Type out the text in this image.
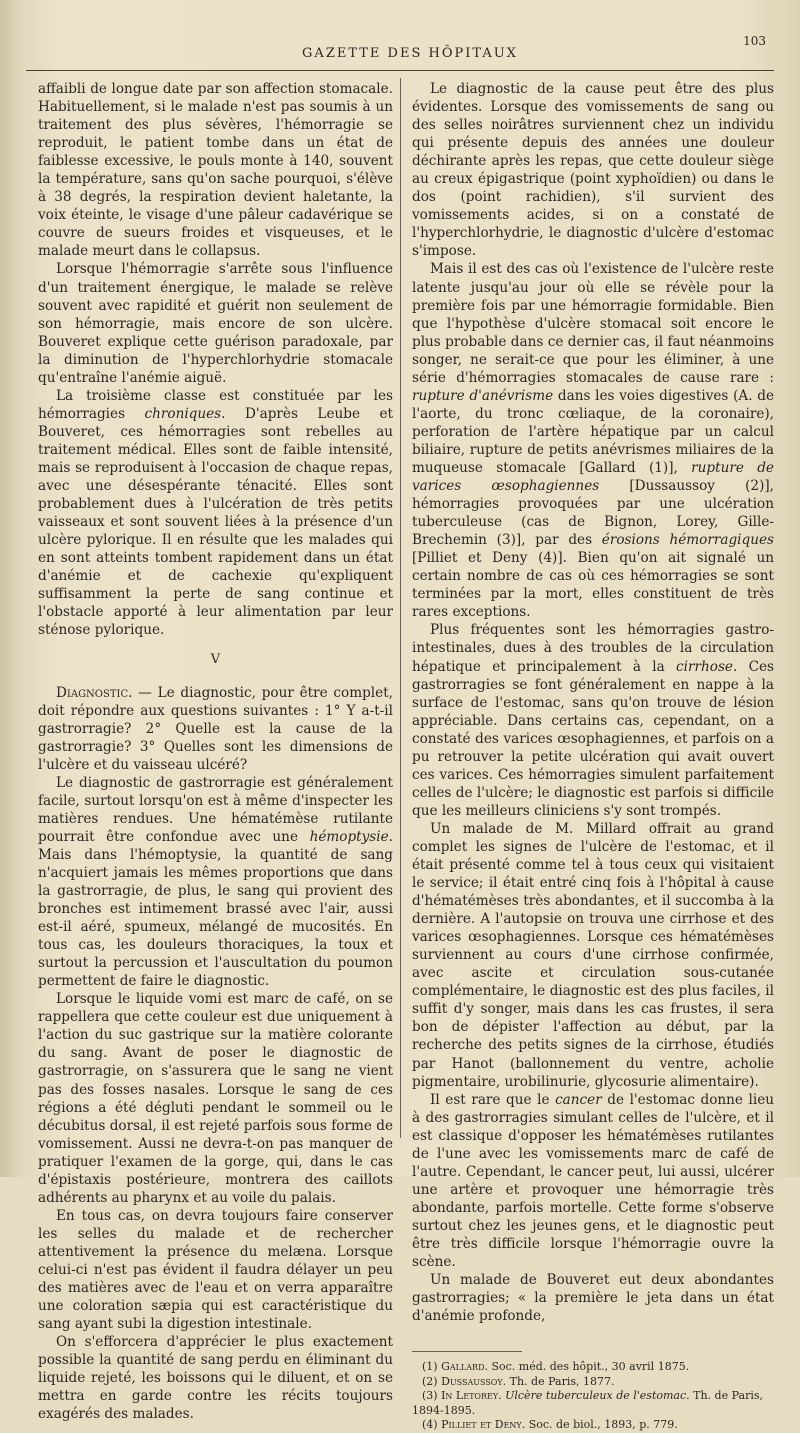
GAZETTE DES HÔPITAUX
103

affaibli de longue date par son affection stomacale. Habituellement, si le malade n'est pas soumis à un traitement des plus sévères, l'hémorragie se reproduit, le patient tombe dans un état de faiblesse excessive, le pouls monte à 140, souvent la température, sans qu'on sache pourquoi, s'élève à 38 degrés, la respiration devient haletante, la voix éteinte, le visage d'une pâleur cadavérique se couvre de sueurs froides et visqueuses, et le malade meurt dans le collapsus.

Lorsque l'hémorragie s'arrête sous l'influence d'un traitement énergique, le malade se relève souvent avec rapidité et guérit non seulement de son hémorragie, mais encore de son ulcère. Bouveret explique cette guérison paradoxale, par la diminution de l'hyperchlorhydrie stomacale qu'entraîne l'anémie aiguë.

La troisième classe est constituée par les hémorragies chroniques. D'après Leube et Bouveret, ces hémorragies sont rebelles au traitement médical. Elles sont de faible intensité, mais se reproduisent à l'occasion de chaque repas, avec une désespérante ténacité. Elles sont probablement dues à l'ulcération de très petits vaisseaux et sont souvent liées à la présence d'un ulcère pylorique. Il en résulte que les malades qui en sont atteints tombent rapidement dans un état d'anémie et de cachexie qu'expliquent suffisamment la perte de sang continue et l'obstacle apporté à leur alimentation par leur sténose pylorique.

V

Diagnostic. — Le diagnostic, pour être complet, doit répondre aux questions suivantes : 1° Y a-t-il gastrorragie? 2° Quelle est la cause de la gastrorragie? 3° Quelles sont les dimensions de l'ulcère et du vaisseau ulcéré?

Le diagnostic de gastrorragie est généralement facile, surtout lorsqu'on est à même d'inspecter les matières rendues. Une hématémèse rutilante pourrait être confondue avec une hémoptysie. Mais dans l'hémoptysie, la quantité de sang n'acquiert jamais les mêmes proportions que dans la gastrorragie, de plus, le sang qui provient des bronches est intimement brassé avec l'air, aussi est-il aéré, spumeux, mélangé de mucosités. En tous cas, les douleurs thoraciques, la toux et surtout la percussion et l'auscultation du poumon permettent de faire le diagnostic.

Lorsque le liquide vomi est marc de café, on se rappellera que cette couleur est due uniquement à l'action du suc gastrique sur la matière colorante du sang. Avant de poser le diagnostic de gastrorragie, on s'assurera que le sang ne vient pas des fosses nasales. Lorsque le sang de ces régions a été dégluti pendant le sommeil ou le décubitus dorsal, il est rejeté parfois sous forme de vomissement. Aussi ne devra-t-on pas manquer de pratiquer l'examen de la gorge, qui, dans le cas d'épistaxis postérieure, montrera des caillots adhérents au pharynx et au voile du palais.

En tous cas, on devra toujours faire conserver les selles du malade et de rechercher attentivement la présence du melæna. Lorsque celui-ci n'est pas évident il faudra délayer un peu des matières avec de l'eau et on verra apparaître une coloration sæpia qui est caractéristique du sang ayant subi la digestion intestinale.

On s'efforcera d'apprécier le plus exactement possible la quantité de sang perdu en éliminant du liquide rejeté, les boissons qui le diluent, et on se mettra en garde contre les récits toujours exagérés des malades.

Le diagnostic de la cause peut être des plus évidentes. Lorsque des vomissements de sang ou des selles noirâtres surviennent chez un individu qui présente depuis des années une douleur déchirante après les repas, que cette douleur siège au creux épigastrique (point xyphoïdien) ou dans le dos (point rachidien), s'il survient des vomissements acides, si on a constaté de l'hyperchlorhydrie, le diagnostic d'ulcère d'estomac s'impose.

Mais il est des cas où l'existence de l'ulcère reste latente jusqu'au jour où elle se révèle pour la première fois par une hémorragie formidable. Bien que l'hypothèse d'ulcère stomacal soit encore le plus probable dans ce dernier cas, il faut néanmoins songer, ne serait-ce que pour les éliminer, à une série d'hémorragies stomacales de cause rare : rupture d'anévrisme dans les voies digestives (A. de l'aorte, du tronc cœliaque, de la coronaire), perforation de l'artère hépatique par un calcul biliaire, rupture de petits anévrismes miliaires de la muqueuse stomacale [Gallard (1)], rupture de varices œsophagiennes [Dussaussoy (2)], hémorragies provoquées par une ulcération tuberculeuse (cas de Bignon, Lorey, Gille-Brechemin (3)], par des érosions hémorragiques [Pilliet et Deny (4)]. Bien qu'on ait signalé un certain nombre de cas où ces hémorragies se sont terminées par la mort, elles constituent de très rares exceptions.

Plus fréquentes sont les hémorragies gastro-intestinales, dues à des troubles de la circulation hépatique et principalement à la cirrhose. Ces gastrorragies se font généralement en nappe à la surface de l'estomac, sans qu'on trouve de lésion appréciable. Dans certains cas, cependant, on a constaté des varices œsophagiennes, et parfois on a pu retrouver la petite ulcération qui avait ouvert ces varices. Ces hémorragies simulent parfaitement celles de l'ulcère; le diagnostic est parfois si difficile que les meilleurs cliniciens s'y sont trompés.

Un malade de M. Millard offrait au grand complet les signes de l'ulcère de l'estomac, et il était présenté comme tel à tous ceux qui visitaient le service; il était entré cinq fois à l'hôpital à cause d'hématémèses très abondantes, et il succomba à la dernière. A l'autopsie on trouva une cirrhose et des varices œsophagiennes. Lorsque ces hématémèses surviennent au cours d'une cirrhose confirmée, avec ascite et circulation sous-cutanée complémentaire, le diagnostic est des plus faciles, il suffit d'y songer, mais dans les cas frustes, il sera bon de dépister l'affection au début, par la recherche des petits signes de la cirrhose, étudiés par Hanot (ballonnement du ventre, acholie pigmentaire, urobilinurie, glycosurie alimentaire).

Il est rare que le cancer de l'estomac donne lieu à des gastrorragies simulant celles de l'ulcère, et il est classique d'opposer les hématémèses rutilantes de l'une avec les vomissements marc de café de l'autre. Cependant, le cancer peut, lui aussi, ulcérer une artère et provoquer une hémorragie très abondante, parfois mortelle. Cette forme s'observe surtout chez les jeunes gens, et le diagnostic peut être très difficile lorsque l'hémorragie ouvre la scène.

Un malade de Bouveret eut deux abondantes gastrorragies; « la première le jeta dans un état d'anémie profonde,

(1) Gallard. Soc. méd. des hôpit., 30 avril 1875.

(2) Dussaussoy. Th. de Paris, 1877.

(3) In Letorey. Ulcère tuberculeux de l'estomac. Th. de Paris, 1894-1895.

(4) Pilliet et Deny. Soc. de biol., 1893, p. 779.
